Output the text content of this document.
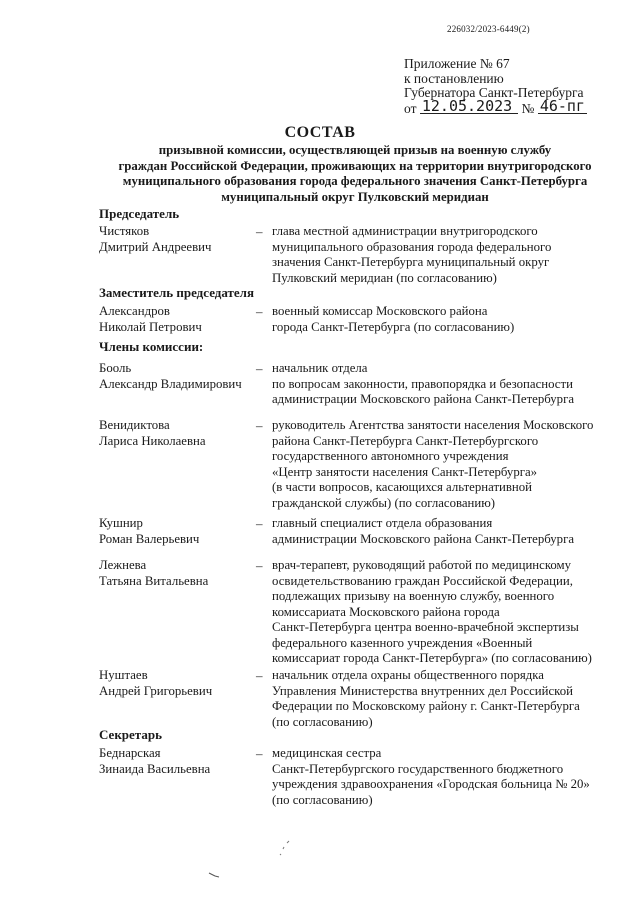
226032/2023-6449(2)
Приложение № 67
к постановлению
Губернатора Санкт-Петербурга
от 12.05.2023 № 46-пг
СОСТАВ
призывной комиссии, осуществляющей призыв на военную службу
граждан Российской Федерации, проживающих на территории внутригородского
муниципального образования города федерального значения Санкт-Петербурга
муниципальный округ Пулковский меридиан
Председатель
Чистяков
Дмитрий Андреевич
– глава местной администрации внутригородского
муниципального образования города федерального
значения Санкт-Петербурга муниципальный округ
Пулковский меридиан (по согласованию)
Заместитель председателя
Александров
Николай Петрович
– военный комиссар Московского района
города Санкт-Петербурга (по согласованию)
Члены комиссии:
Бооль
Александр Владимирович
– начальник отдела
по вопросам законности, правопорядка и безопасности
администрации Московского района Санкт-Петербурга
Венидиктова
Лариса Николаевна
– руководитель Агентства занятости населения Московского
района Санкт-Петербурга Санкт-Петербургского
государственного автономного учреждения
«Центр занятости населения Санкт-Петербурга»
(в части вопросов, касающихся альтернативной
гражданской службы) (по согласованию)
Кушнир
Роман Валерьевич
– главный специалист отдела образования
администрации Московского района Санкт-Петербурга
Лежнева
Татьяна Витальевна
– врач-терапевт, руководящий работой по медицинскому
освидетельствованию граждан Российской Федерации,
подлежащих призыву на военную службу, военного
комиссариата Московского района города
Санкт-Петербурга центра военно-врачебной экспертизы
федерального казенного учреждения «Военный
комиссариат города Санкт-Петербурга» (по согласованию)
Нуштаев
Андрей Григорьевич
– начальник отдела охраны общественного порядка
Управления Министерства внутренних дел Российской
Федерации по Московскому району г. Санкт-Петербурга
(по согласованию)
Секретарь
Беднарская
Зинаида Васильевна
– медицинская сестра
Санкт-Петербургского государственного бюджетного
учреждения здравоохранения «Городская больница № 20»
(по согласованию)
